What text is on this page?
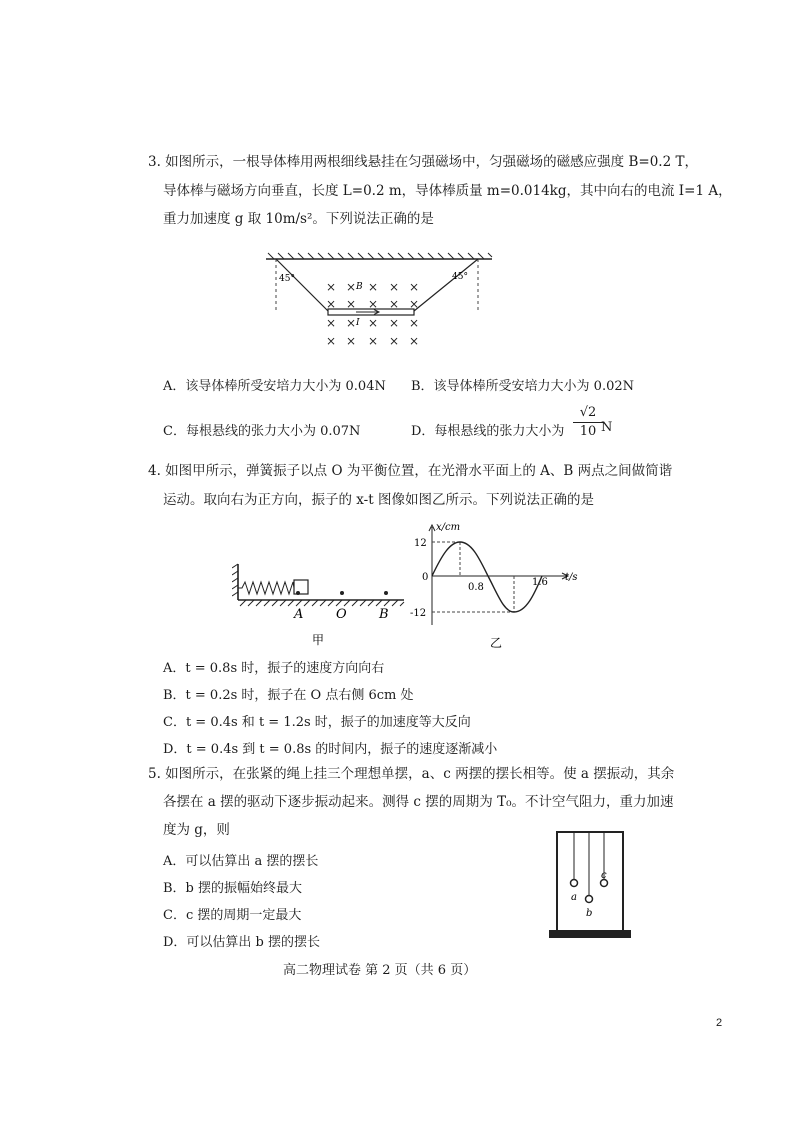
3. 如图所示，一根导体棒用两根细线悬挂在匀强磁场中，匀强磁场的磁感应强度 B=0.2 T，
导体棒与磁场方向垂直，长度 L=0.2 m，导体棒质量 m=0.014kg，其中向右的电流 I=1 A，
重力加速度 g 取 10m/s²。下列说法正确的是
45°	45°
× × × × ×
× × × × ×
× × × × ×
× × × × ×
B
I
A．该导体棒所受安培力大小为 0.04N B．该导体棒所受安培力大小为 0.02N
C．每根悬线的张力大小为 0.07N	D．每根悬线的张力大小为 $\frac{√2}{10}$
N
4. 如图甲所示，弹簧振子以点 O 为平衡位置，在光滑水平面上的 A、B 两点之间做简谐
运动。取向右为正方向，振子的 x-t 图像如图乙所示。下列说法正确的是
A	O B
甲
x/cm
12
-12
0
0.8	1.6 t/s
乙
A．t = 0.8s 时，振子的速度方向向右
B．t = 0.2s 时，振子在 O 点右侧 6cm 处
C．t = 0.4s 和 t = 1.2s 时，振子的加速度等大反向
D．t = 0.4s 到 t = 0.8s 的时间内，振子的速度逐渐减小
5. 如图所示，在张紧的绳上挂三个理想单摆，a、c 两摆的摆长相等。使 a 摆振动，其余
各摆在 a 摆的驱动下逐步振动起来。测得 c 摆的周期为 T₀。不计空气阻力，重力加速
度为 g，则
A．可以估算出 a 摆的摆长
B．b 摆的振幅始终最大
C．c 摆的周期一定最大
D．可以估算出 b 摆的摆长
a
b
c
高二物理试卷 第 2 页（共 6 页）
2
